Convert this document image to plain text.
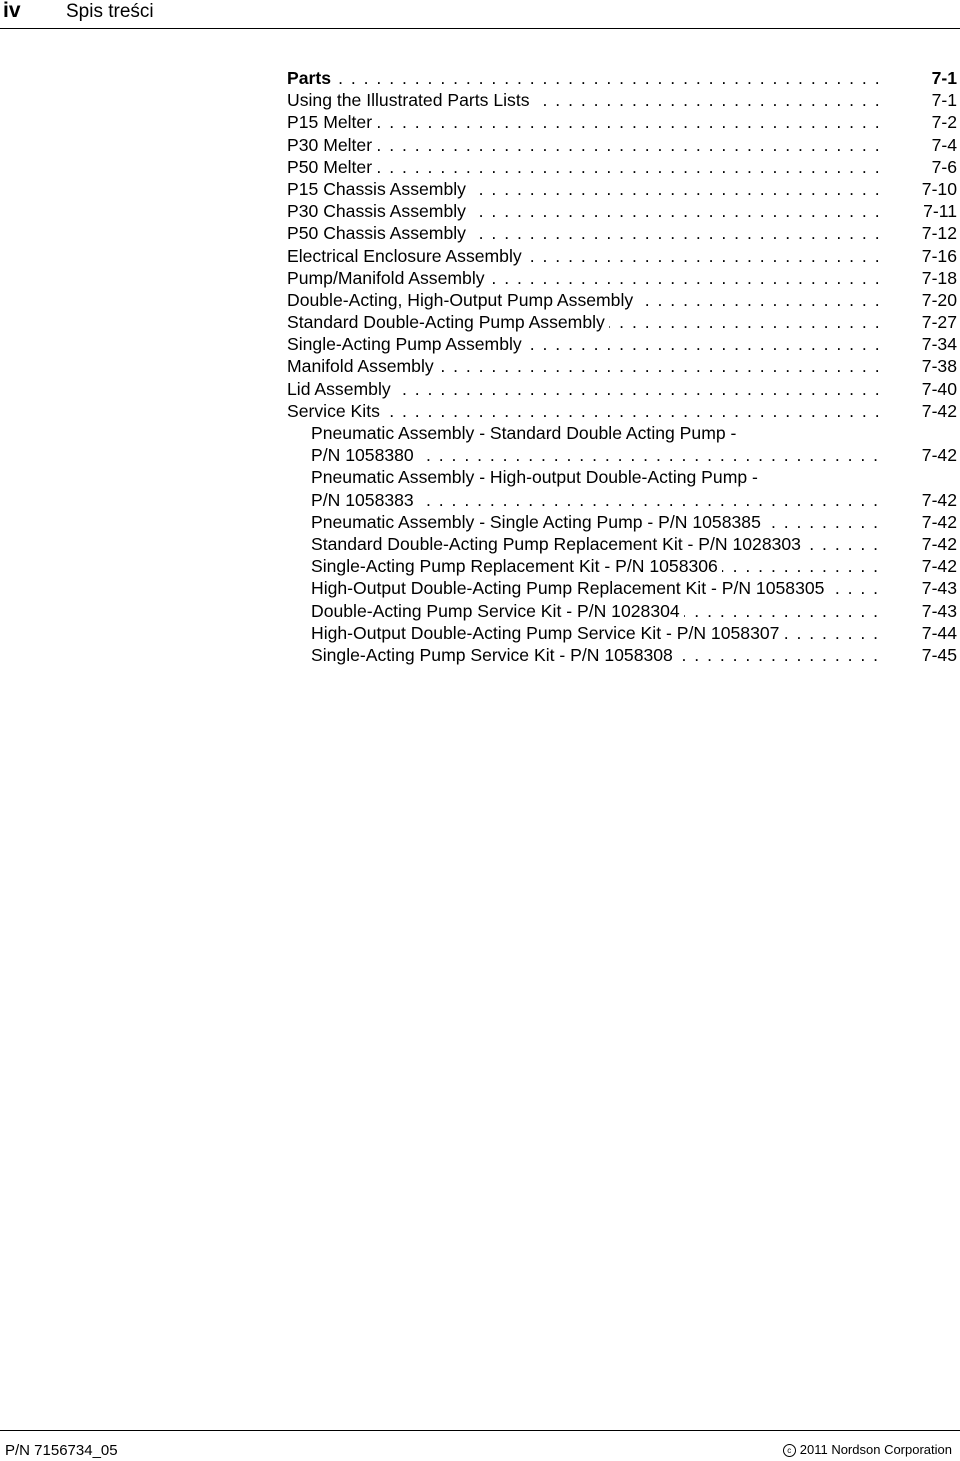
iv Spis treści
. . .
Parts	7-1
. . .
Using the Illustrated Parts Lists	7-1
. . .
P15 Melter	7-2
. . .
P30 Melter	7-4
. . .
P50 Melter	7-6
. . .
P15 Chassis Assembly	7-10
. . .
P30 Chassis Assembly	7-11
. . .
P50 Chassis Assembly	7-12
. . .
Electrical Enclosure Assembly	7-16
. . .
Pump/Manifold Assembly	7-18
. . .
Double-Acting, High-Output Pump Assembly	7-20
. . .
Standard Double-Acting Pump Assembly	7-27
. . .
Single-Acting Pump Assembly	7-34
. . .
Manifold Assembly	7-38
. . .
Lid Assembly	7-40
. . .
Service Kits	7-42
. . .
Pneumatic Assembly - Standard Double Acting Pump -
P/N 1058380	7-42
. . .
Pneumatic Assembly - High-output Double-Acting Pump -
P/N 1058383	7-42
. . .
Pneumatic Assembly - Single Acting Pump - P/N 1058385	7-42
. . .
Standard Double-Acting Pump Replacement Kit - P/N 1028303	7-42
. . .
Single-Acting Pump Replacement Kit - P/N 1058306	7-42
. . .
High-Output Double-Acting Pump Replacement Kit - P/N 1058305	7-43
. . .
Double-Acting Pump Service Kit - P/N 1028304	7-43
. . .
High-Output Double-Acting Pump Service Kit - P/N 1058307	7-44
. . .
Single-Acting Pump Service Kit - P/N 1058308	7-45
P/N 7156734_05	c 2011 Nordson Corporation
